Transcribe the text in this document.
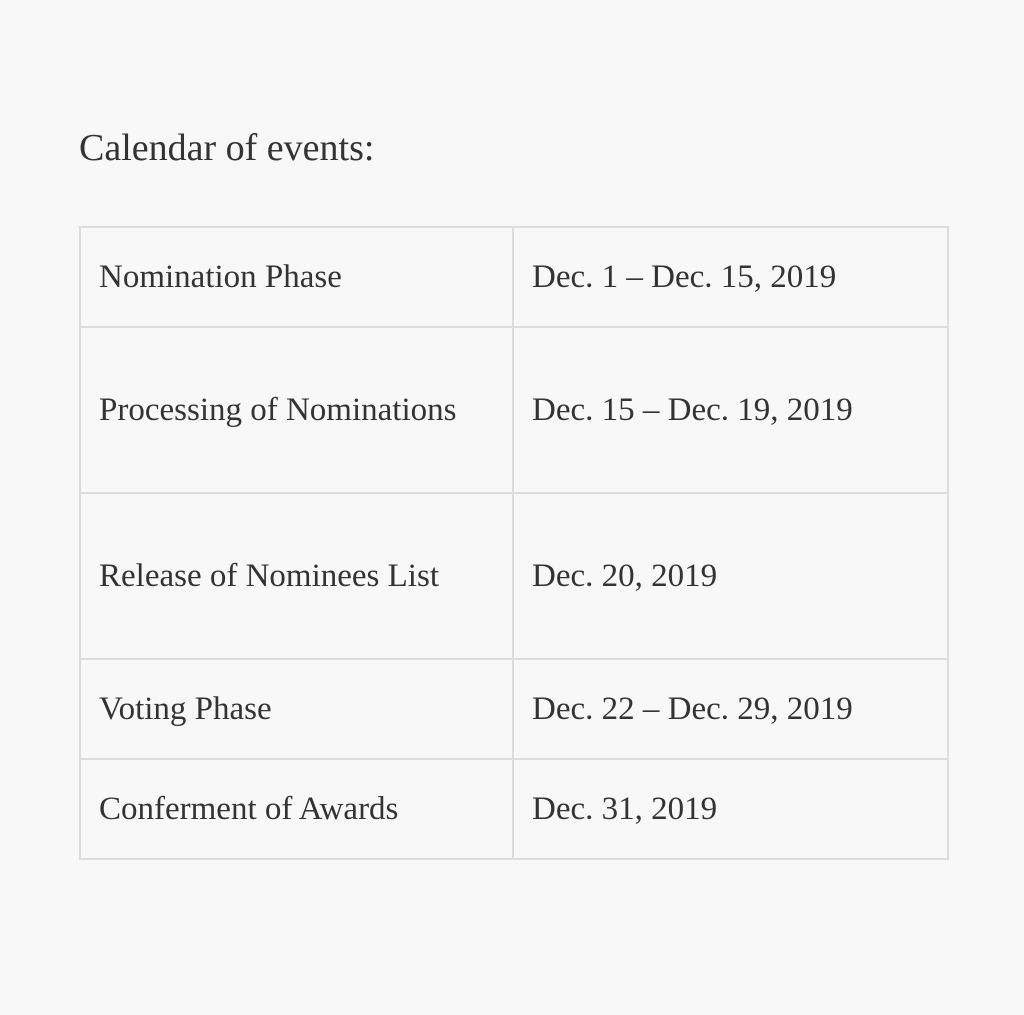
Calendar of events:

Nomination Phase	Dec. 1 – Dec. 15, 2019
Processing of Nominations	Dec. 15 – Dec. 19, 2019
Release of Nominees List	Dec. 20, 2019
Voting Phase	Dec. 22 – Dec. 29, 2019
Conferment of Awards	Dec. 31, 2019
